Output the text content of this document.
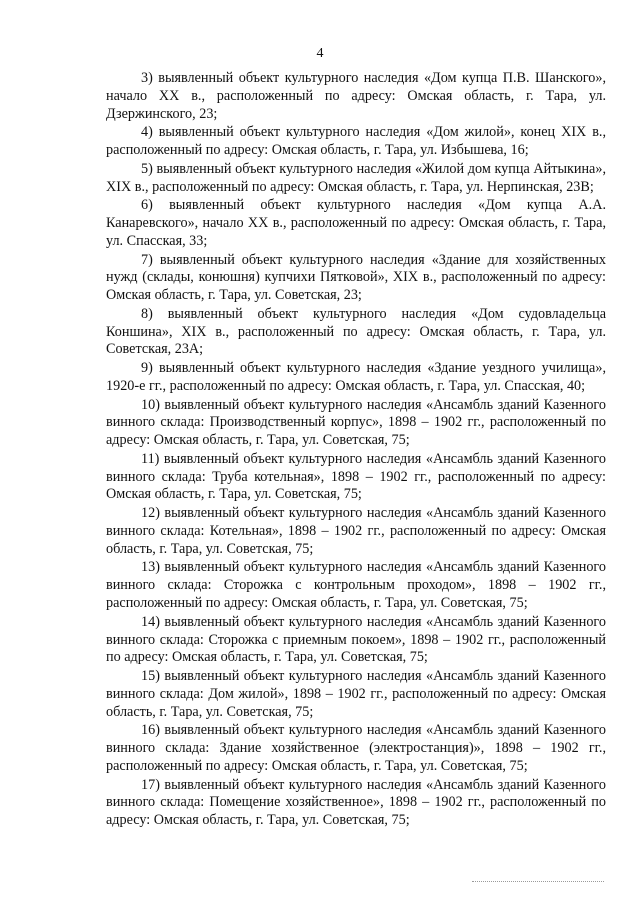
4

3) выявленный объект культурного наследия «Дом купца П.В. Шанского», начало XX в., расположенный по адресу: Омская область, г. Тара, ул. Дзержинского, 23;

4) выявленный объект культурного наследия «Дом жилой», конец XIX в., расположенный по адресу: Омская область, г. Тара, ул. Избышева, 16;

5) выявленный объект культурного наследия «Жилой дом купца Айтыкина», XIX в., расположенный по адресу: Омская область, г. Тара, ул. Нерпинская, 23В;

6) выявленный объект культурного наследия «Дом купца А.А. Канаревского», начало XX в., расположенный по адресу: Омская область, г. Тара, ул. Спасская, 33;

7) выявленный объект культурного наследия «Здание для хозяйственных нужд (склады, конюшня) купчихи Пятковой», XIX в., расположенный по адресу: Омская область, г. Тара, ул. Советская, 23;

8) выявленный объект культурного наследия «Дом судовладельца Коншина», XIX в., расположенный по адресу: Омская область, г. Тара, ул. Советская, 23А;

9) выявленный объект культурного наследия «Здание уездного училища», 1920-е гг., расположенный по адресу: Омская область, г. Тара, ул. Спасская, 40;

10) выявленный объект культурного наследия «Ансамбль зданий Казенного винного склада: Производственный корпус», 1898 – 1902 гг., расположенный по адресу: Омская область, г. Тара, ул. Советская, 75;

11) выявленный объект культурного наследия «Ансамбль зданий Казенного винного склада: Труба котельная», 1898 – 1902 гг., расположенный по адресу: Омская область, г. Тара, ул. Советская, 75;

12) выявленный объект культурного наследия «Ансамбль зданий Казенного винного склада: Котельная», 1898 – 1902 гг., расположенный по адресу: Омская область, г. Тара, ул. Советская, 75;

13) выявленный объект культурного наследия «Ансамбль зданий Казенного винного склада: Сторожка с контрольным проходом», 1898 – 1902 гг., расположенный по адресу: Омская область, г. Тара, ул. Советская, 75;

14) выявленный объект культурного наследия «Ансамбль зданий Казенного винного склада: Сторожка с приемным покоем», 1898 – 1902 гг., расположенный по адресу: Омская область, г. Тара, ул. Советская, 75;

15) выявленный объект культурного наследия «Ансамбль зданий Казенного винного склада: Дом жилой», 1898 – 1902 гг., расположенный по адресу: Омская область, г. Тара, ул. Советская, 75;

16) выявленный объект культурного наследия «Ансамбль зданий Казенного винного склада: Здание хозяйственное (электростанция)», 1898 – 1902 гг., расположенный по адресу: Омская область, г. Тара, ул. Советская, 75;

17) выявленный объект культурного наследия «Ансамбль зданий Казенного винного склада: Помещение хозяйственное», 1898 – 1902 гг., расположенный по адресу: Омская область, г. Тара, ул. Советская, 75;
